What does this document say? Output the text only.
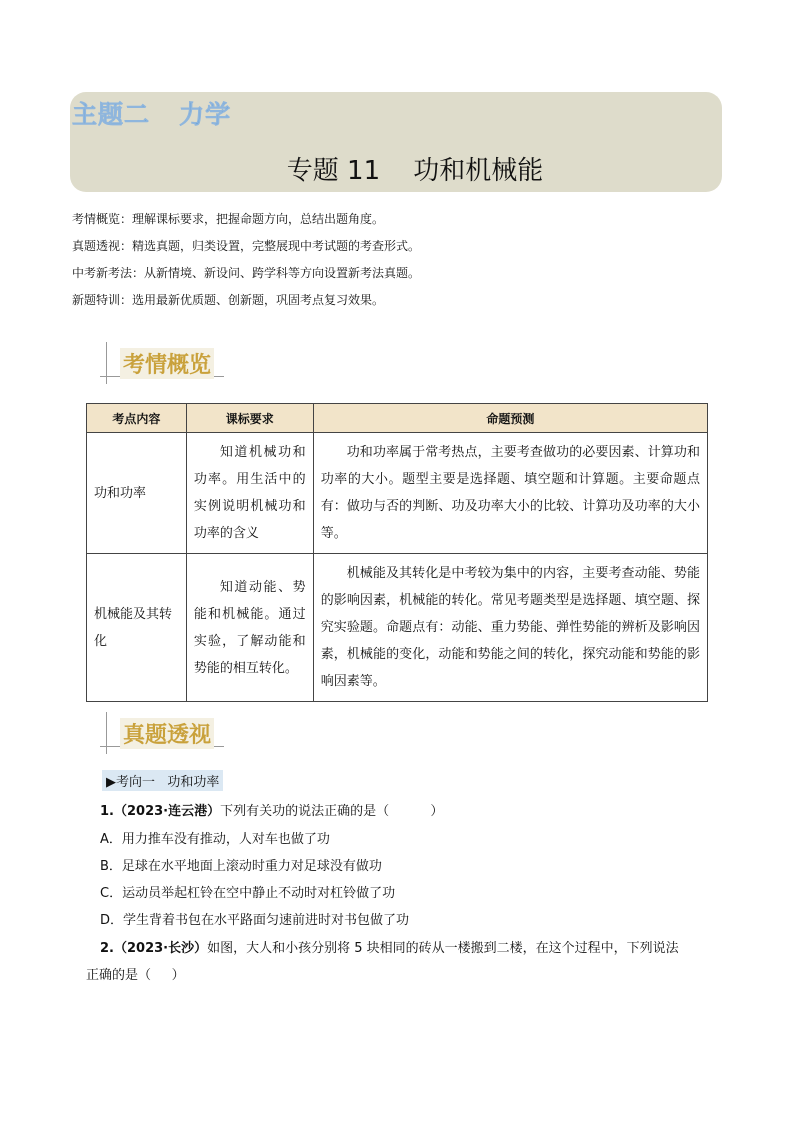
主题二   力学
专题 11    功和机械能
考情概览：理解课标要求，把握命题方向，总结出题角度。
真题透视：精选真题，归类设置，完整展现中考试题的考查形式。
中考新考法：从新情境、新设问、跨学科等方向设置新考法真题。
新题特训：选用最新优质题、创新题，巩固考点复习效果。
考情概览
考点内容	课标要求	命题预测
功和功率	知道机械功和功率。用生活中的实例说明机械功和功率的含义	功和功率属于常考热点，主要考查做功的必要因素、计算功和功率的大小。题型主要是选择题、填空题和计算题。主要命题点有：做功与否的判断、功及功率大小的比较、计算功及功率的大小等。
机械能及其转化	知道动能、势能和机械能。通过实验，了解动能和势能的相互转化。	机械能及其转化是中考较为集中的内容，主要考查动能、势能的影响因素，机械能的转化。常见考题类型是选择题、填空题、探究实验题。命题点有：动能、重力势能、弹性势能的辨析及影响因素，机械能的变化，动能和势能之间的转化，探究动能和势能的影响因素等。
真题透视
▶考向一   功和功率
1.（2023·连云港）下列有关功的说法正确的是（          ）
A．用力推车没有推动，人对车也做了功
B．足球在水平地面上滚动时重力对足球没有做功
C．运动员举起杠铃在空中静止不动时对杠铃做了功
D．学生背着书包在水平路面匀速前进时对书包做了功
2.（2023·长沙）如图，大人和小孩分别将 5 块相同的砖从一楼搬到二楼，在这个过程中，下列说法
正确的是（     ）
